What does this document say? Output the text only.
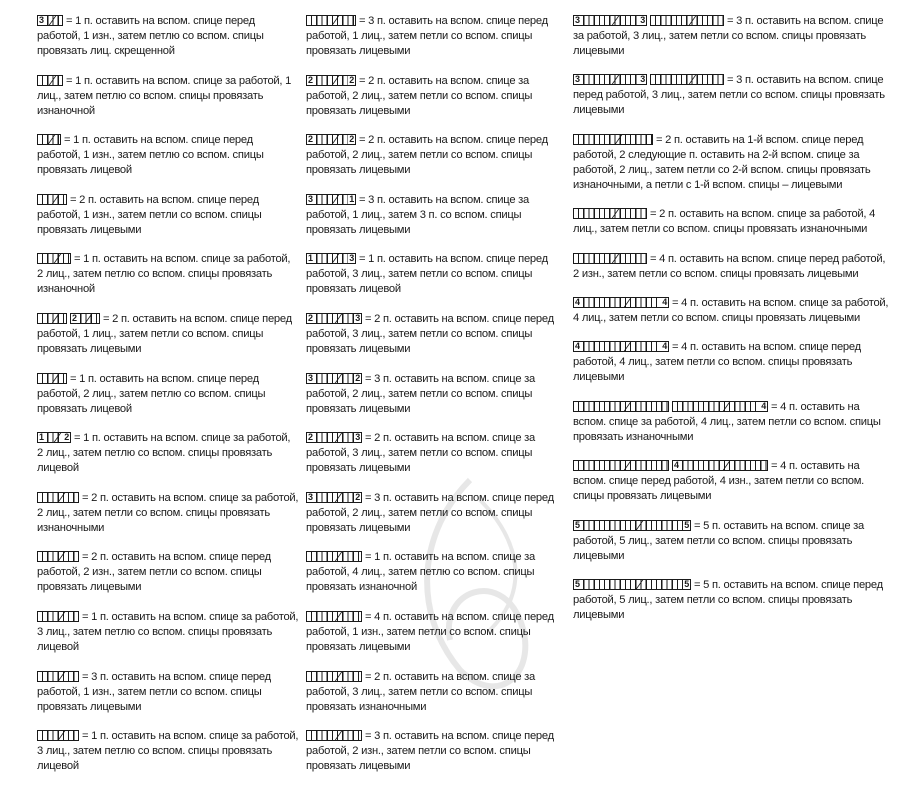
3 = 1 п. оставить на вспом. спице перед работой, 1 изн., затем петлю со вспом. спицы провязать лиц. скрещенной
= 1 п. оставить на вспом. спице за работой, 1 лиц., затем петлю со вспом. спицы провязать изнаночной
= 1 п. оставить на вспом. спице перед работой, 1 изн., затем петлю со вспом. спицы провязать лицевой
= 2 п. оставить на вспом. спице перед работой, 1 изн., затем петли со вспом. спицы провязать лицевыми
= 1 п. оставить на вспом. спице за работой, 2 лиц., затем петлю со вспом. спицы провязать изнаночной
2 = 2 п. оставить на вспом. спице перед работой, 1 лиц., затем петли со вспом. спицы провязать лицевыми
= 1 п. оставить на вспом. спице перед работой, 2 лиц., затем петлю со вспом. спицы провязать лицевой
1 2 = 1 п. оставить на вспом. спице за работой, 2 лиц., затем петлю со вспом. спицы провязать лицевой
= 2 п. оставить на вспом. спице за работой, 2 лиц., затем петли со вспом. спицы провязать изнаночными
= 2 п. оставить на вспом. спице перед работой, 2 изн., затем петли со вспом. спицы провязать лицевыми
= 1 п. оставить на вспом. спице за работой, 3 лиц., затем петлю со вспом. спицы провязать лицевой
= 3 п. оставить на вспом. спице перед работой, 1 изн., затем петли со вспом. спицы провязать лицевыми
= 1 п. оставить на вспом. спице за работой, 3 лиц., затем петлю со вспом. спицы провязать лицевой
= 3 п. оставить на вспом. спице перед работой, 1 лиц., затем петли со вспом. спицы провязать лицевыми
2	2 = 2 п. оставить на вспом. спице за работой, 2 лиц., затем петли со вспом. спицы провязать лицевыми
2	2 = 2 п. оставить на вспом. спице перед работой, 2 лиц., затем петли со вспом. спицы провязать лицевыми
3	1 = 3 п. оставить на вспом. спице за работой, 1 лиц., затем 3 п. со вспом. спицы провязать лицевыми
1	3 = 1 п. оставить на вспом. спице перед работой, 3 лиц., затем петли со вспом. спицы провязать лицевой
2	3 = 2 п. оставить на вспом. спице перед работой, 3 лиц., затем петли со вспом. спицы провязать лицевыми
3	2 = 3 п. оставить на вспом. спице за работой, 2 лиц., затем петли со вспом. спицы провязать лицевыми
2	3 = 2 п. оставить на вспом. спице за работой, 3 лиц., затем петли со вспом. спицы провязать лицевыми
3	2 = 3 п. оставить на вспом. спице перед работой, 2 лиц., затем петли со вспом. спицы провязать лицевыми
= 1 п. оставить на вспом. спице за работой, 4 лиц., затем петлю со вспом. спицы провязать изнаночной
= 4 п. оставить на вспом. спице перед работой, 1 изн., затем петли со вспом. спицы провязать лицевыми
= 2 п. оставить на вспом. спице за работой, 3 лиц., затем петли со вспом. спицы провязать изнаночными
= 3 п. оставить на вспом. спице перед работой, 2 изн., затем петли со вспом. спицы провязать лицевыми
3	3	= 3 п. оставить на вспом. спице за работой, 3 лиц., затем петли со вспом. спицы провязать лицевыми
3	3	= 3 п. оставить на вспом. спице перед работой, 3 лиц., затем петли со вспом. спицы провязать лицевыми
= 2 п. оставить на 1-й вспом. спице перед работой, 2 следующие п. оставить на 2-й вспом. спице за работой, 2 лиц., затем петли со 2-й вспом. спицы провязать изнаночными, а петли с 1-й вспом. спицы – лицевыми
= 2 п. оставить на вспом. спице за работой, 4 лиц., затем петли со вспом. спицы провязать изнаночными
= 4 п. оставить на вспом. спице перед работой, 2 изн., затем петли со вспом. спицы провязать лицевыми
4	4 = 4 п. оставить на вспом. спице за работой, 4 лиц., затем петли со вспом. спицы провязать лицевыми
4	4 = 4 п. оставить на вспом. спице перед работой, 4 лиц., затем петли со вспом. спицы провязать лицевыми
4 = 4 п. оставить на вспом. спице за работой, 4 лиц., затем петли со вспом. спицы провязать изнаночными
4	= 4 п. оставить на вспом. спице перед работой, 4 изн., затем петли со вспом. спицы провязать лицевыми
5	5 = 5 п. оставить на вспом. спице за работой, 5 лиц., затем петли со вспом. спицы провязать лицевыми
5	5 = 5 п. оставить на вспом. спице перед работой, 5 лиц., затем петли со вспом. спицы провязать лицевыми
